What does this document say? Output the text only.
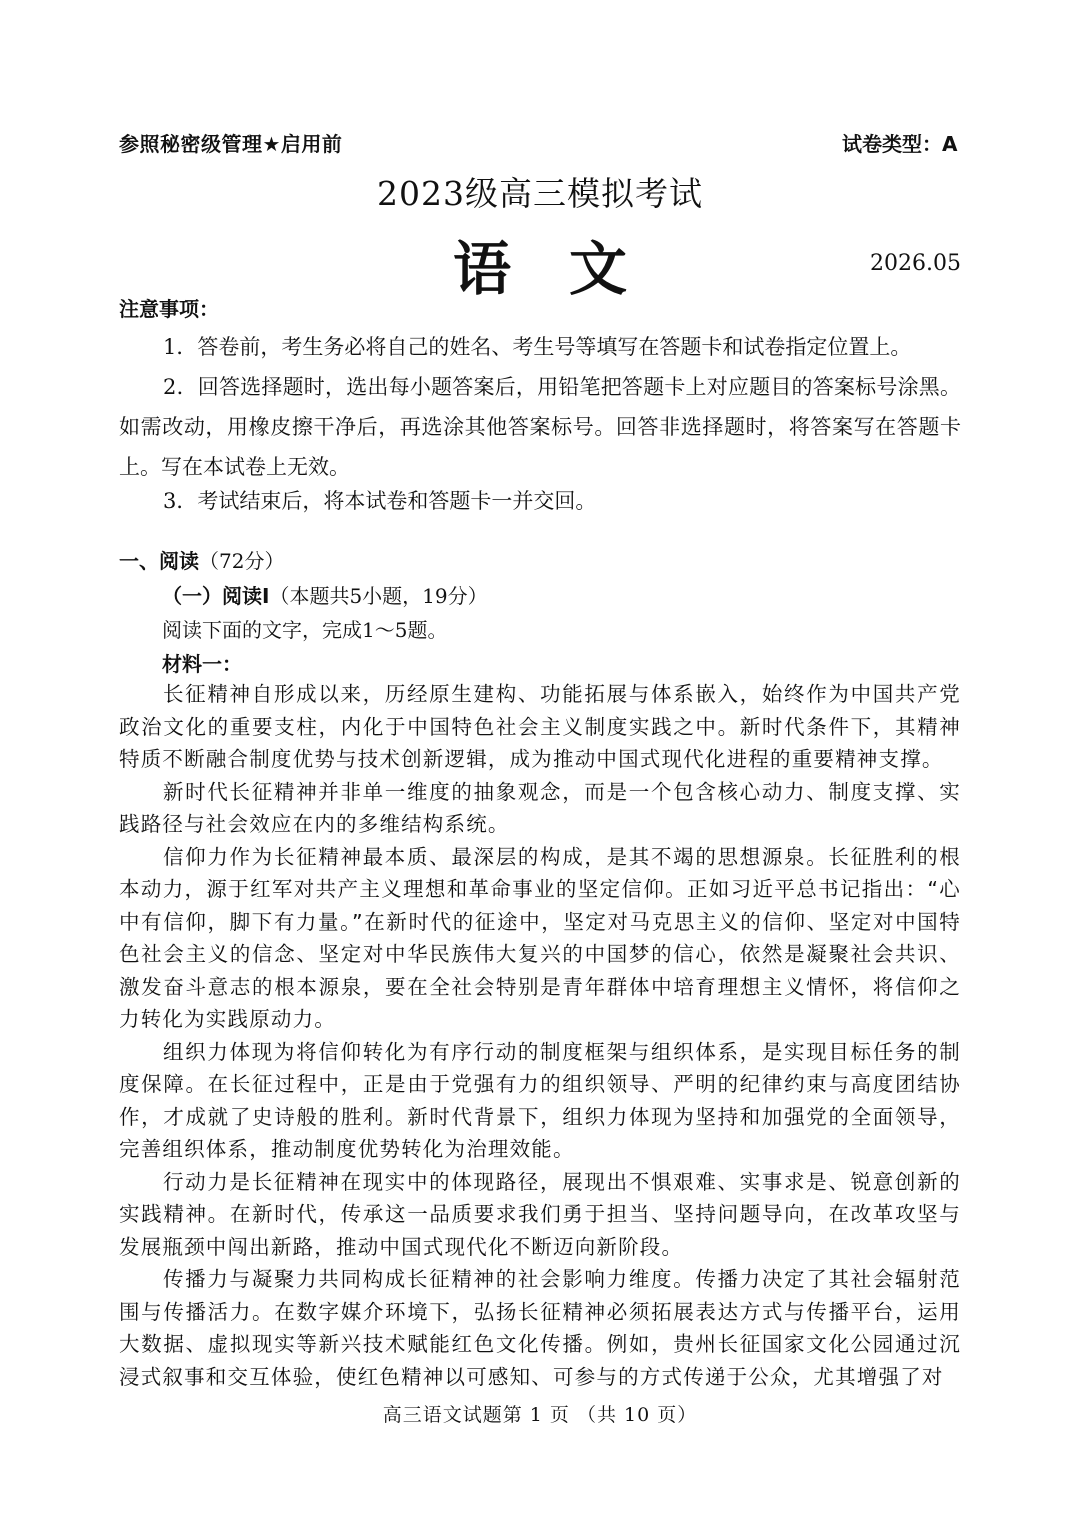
参照秘密级管理★启用前	试卷类型：A
2023级高三模拟考试
语文	2026.05
注意事项：

1．答卷前，考生务必将自己的姓名、考生号等填写在答题卡和试卷指定位置上。

2．回答选择题时，选出每小题答案后，用铅笔把答题卡上对应题目的答案标号涂黑。如需改动，用橡皮擦干净后，再选涂其他答案标号。回答非选择题时，将答案写在答题卡上。写在本试卷上无效。

3．考试结束后，将本试卷和答题卡一并交回。

一、阅读（72分）
（一）阅读Ⅰ（本题共5小题，19分）
阅读下面的文字，完成1～5题。
材料一：

长征精神自形成以来，历经原生建构、功能拓展与体系嵌入，始终作为中国共产党政治文化的重要支柱，内化于中国特色社会主义制度实践之中。新时代条件下，其精神特质不断融合制度优势与技术创新逻辑，成为推动中国式现代化进程的重要精神支撑。

新时代长征精神并非单一维度的抽象观念，而是一个包含核心动力、制度支撑、实践路径与社会效应在内的多维结构系统。

信仰力作为长征精神最本质、最深层的构成，是其不竭的思想源泉。长征胜利的根本动力，源于红军对共产主义理想和革命事业的坚定信仰。正如习近平总书记指出：“心中有信仰，脚下有力量。”在新时代的征途中，坚定对马克思主义的信仰、坚定对中国特色社会主义的信念、坚定对中华民族伟大复兴的中国梦的信心，依然是凝聚社会共识、激发奋斗意志的根本源泉，要在全社会特别是青年群体中培育理想主义情怀，将信仰之力转化为实践原动力。

组织力体现为将信仰转化为有序行动的制度框架与组织体系，是实现目标任务的制度保障。在长征过程中，正是由于党强有力的组织领导、严明的纪律约束与高度团结协作，才成就了史诗般的胜利。新时代背景下，组织力体现为坚持和加强党的全面领导，完善组织体系，推动制度优势转化为治理效能。

行动力是长征精神在现实中的体现路径，展现出不惧艰难、实事求是、锐意创新的实践精神。在新时代，传承这一品质要求我们勇于担当、坚持问题导向，在改革攻坚与发展瓶颈中闯出新路，推动中国式现代化不断迈向新阶段。

传播力与凝聚力共同构成长征精神的社会影响力维度。传播力决定了其社会辐射范围与传播活力。在数字媒介环境下，弘扬长征精神必须拓展表达方式与传播平台，运用大数据、虚拟现实等新兴技术赋能红色文化传播。例如，贵州长征国家文化公园通过沉浸式叙事和交互体验，使红色精神以可感知、可参与的方式传递于公众，尤其增强了对

高三语文试题第 1 页 （共 10 页）
